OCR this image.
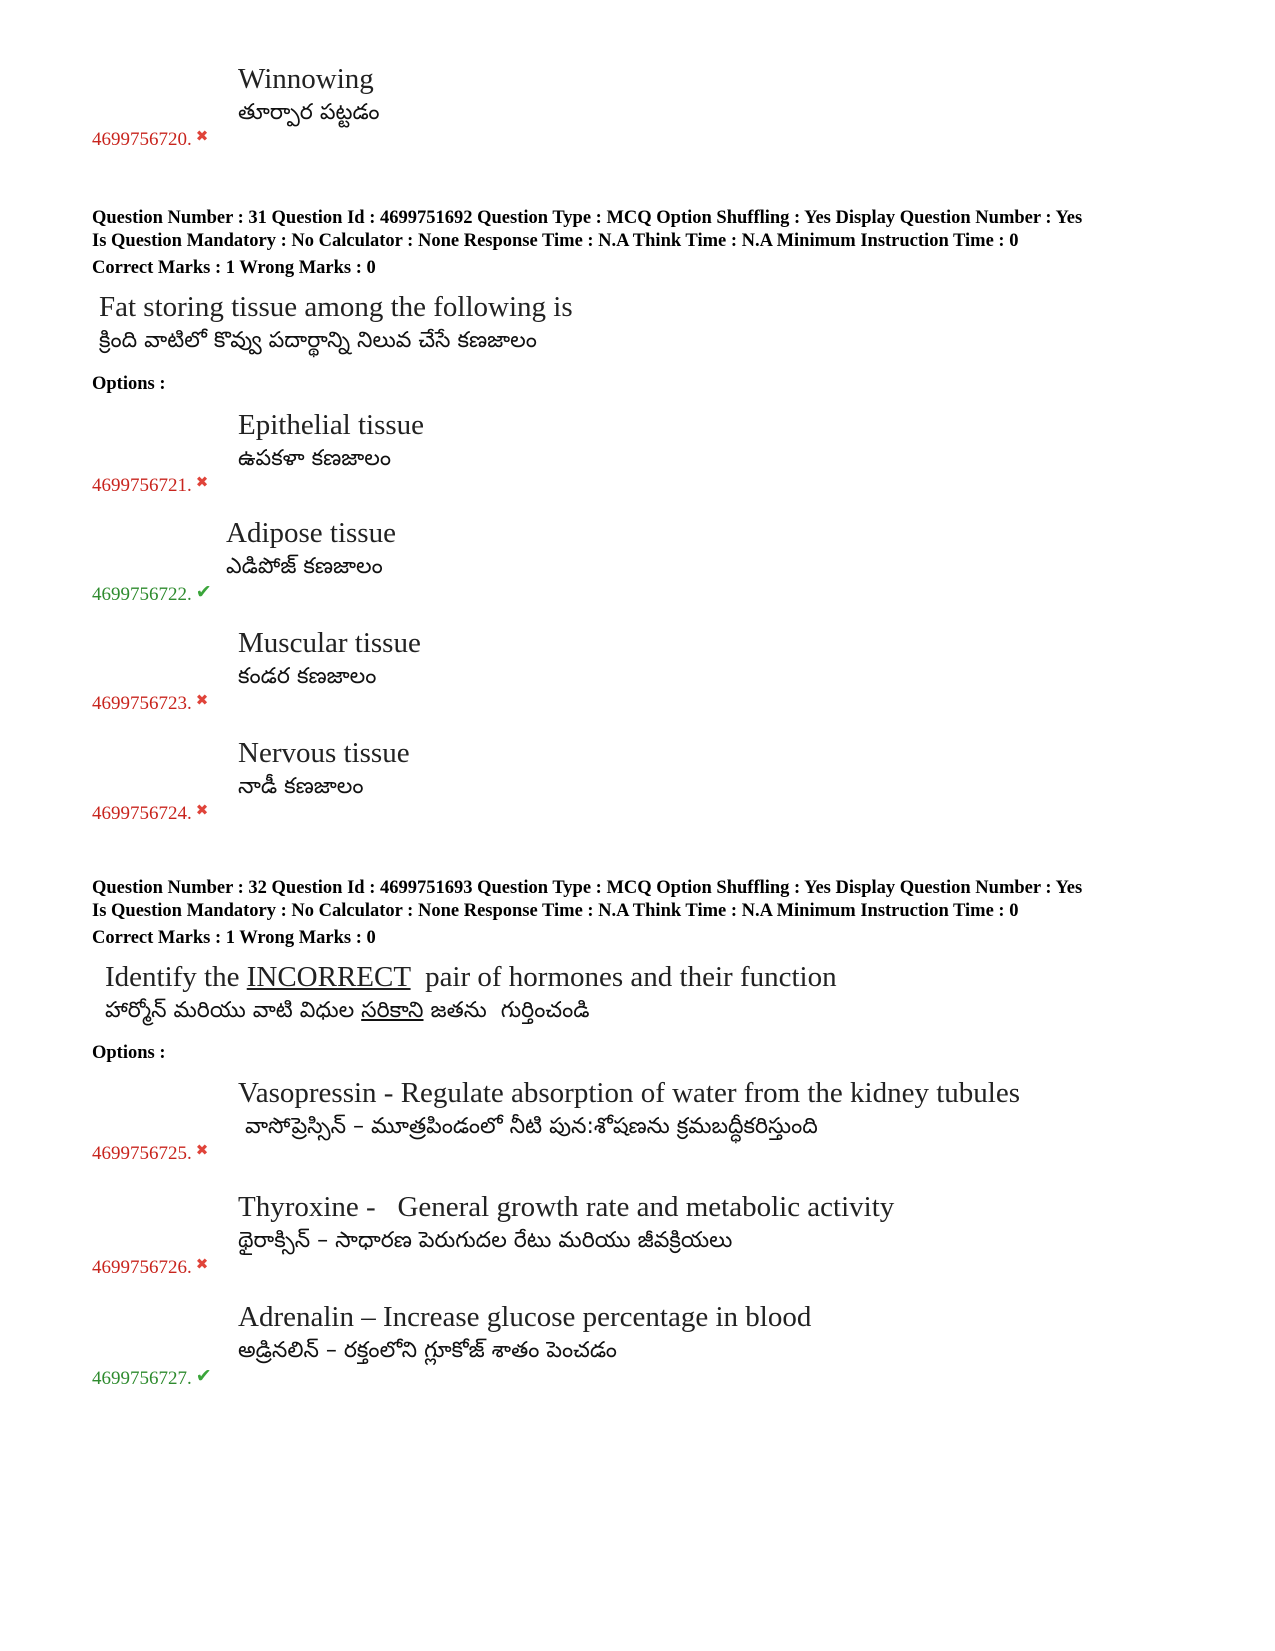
Winnowing
తూర్పార పట్టడం
4699756720. ✖
Question Number : 31 Question Id : 4699751692 Question Type : MCQ Option Shuffling : Yes Display Question Number : Yes
Is Question Mandatory : No Calculator : None Response Time : N.A Think Time : N.A Minimum Instruction Time : 0
Correct Marks : 1 Wrong Marks : 0
Fat storing tissue among the following is
క్రింది వాటిలో కొవ్వు పదార్థాన్ని నిలువ చేసే కణజాలం
Options :
Epithelial tissue
ఉపకళా కణజాలం
4699756721. ✖
Adipose tissue
ఎడిపోజ్ కణజాలం
4699756722. ✔
Muscular tissue
కండర కణజాలం
4699756723. ✖
Nervous tissue
నాడీ కణజాలం
4699756724. ✖
Question Number : 32 Question Id : 4699751693 Question Type : MCQ Option Shuffling : Yes Display Question Number : Yes
Is Question Mandatory : No Calculator : None Response Time : N.A Think Time : N.A Minimum Instruction Time : 0
Correct Marks : 1 Wrong Marks : 0
Identify the INCORRECT  pair of hormones and their function
హార్మోన్ మరియు వాటి విధుల సరికాని జతను  గుర్తించండి
Options :
Vasopressin - Regulate absorption of water from the kidney tubules
వాసోప్రెస్సిన్ – మూత్రపిండంలో నీటి పున:శోషణను క్రమబద్ధీకరిస్తుంది
4699756725. ✖
Thyroxine -   General growth rate and metabolic activity
థైరాక్సిన్ – సాధారణ పెరుగుదల రేటు మరియు జీవక్రియలు
4699756726. ✖
Adrenalin – Increase glucose percentage in blood
అడ్రినలిన్ – రక్తంలోని గ్లూకోజ్ శాతం పెంచడం
4699756727. ✔
